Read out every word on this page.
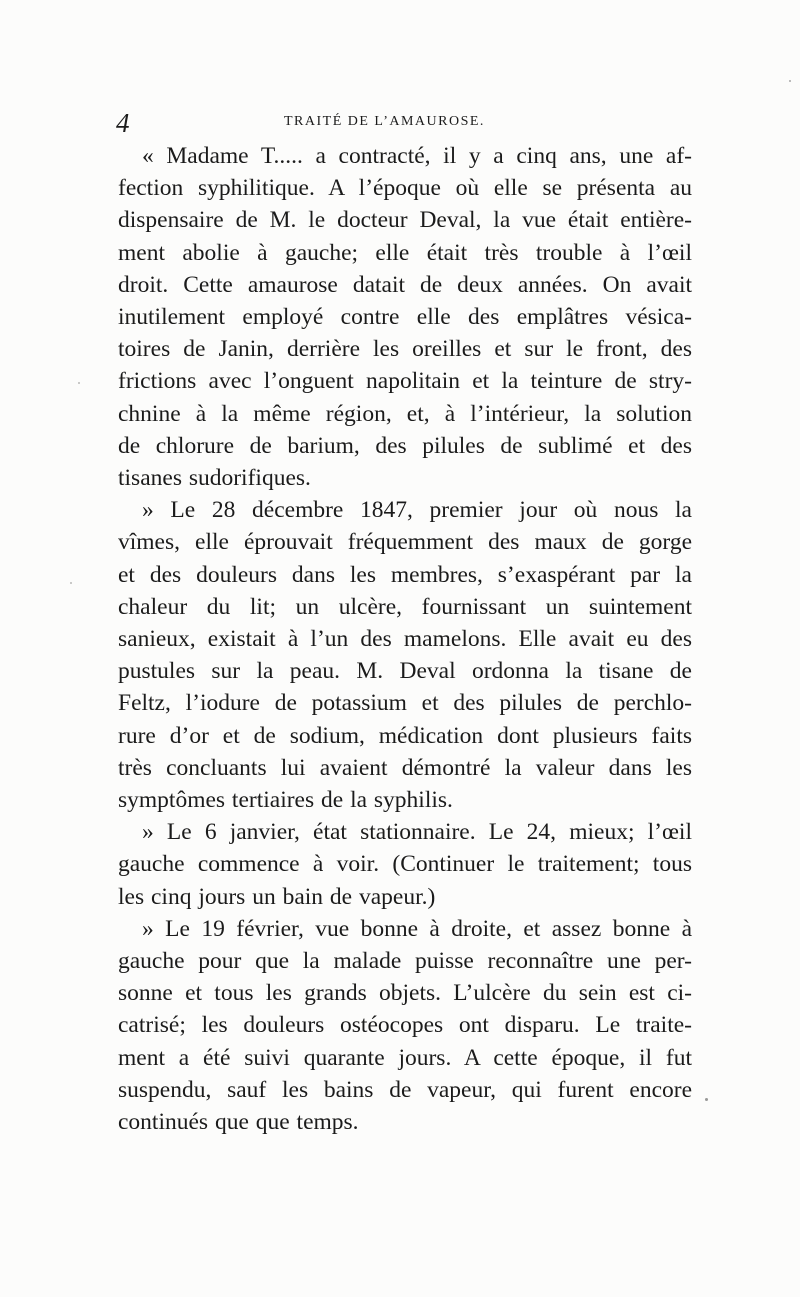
4	TRAITÉ DE L’AMAUROSE.
« Madame T..... a contracté, il y a cinq ans, une af-
fection syphilitique. A l’époque où elle se présenta au
dispensaire de M. le docteur Deval, la vue était entière-
ment abolie à gauche; elle était très trouble à l’œil
droit. Cette amaurose datait de deux années. On avait
inutilement employé contre elle des emplâtres vésica-
toires de Janin, derrière les oreilles et sur le front, des
frictions avec l’onguent napolitain et la teinture de stry-
chnine à la même région, et, à l’intérieur, la solution
de chlorure de barium, des pilules de sublimé et des
tisanes sudorifiques.
» Le 28 décembre 1847, premier jour où nous la
vîmes, elle éprouvait fréquemment des maux de gorge
et des douleurs dans les membres, s’exaspérant par la
chaleur du lit; un ulcère, fournissant un suintement
sanieux, existait à l’un des mamelons. Elle avait eu des
pustules sur la peau. M. Deval ordonna la tisane de
Feltz, l’iodure de potassium et des pilules de perchlo-
rure d’or et de sodium, médication dont plusieurs faits
très concluants lui avaient démontré la valeur dans les
symptômes tertiaires de la syphilis.
» Le 6 janvier, état stationnaire. Le 24, mieux; l’œil
gauche commence à voir. (Continuer le traitement; tous
les cinq jours un bain de vapeur.)
» Le 19 février, vue bonne à droite, et assez bonne à
gauche pour que la malade puisse reconnaître une per-
sonne et tous les grands objets. L’ulcère du sein est ci-
catrisé; les douleurs ostéocopes ont disparu. Le traite-
ment a été suivi quarante jours. A cette époque, il fut
suspendu, sauf les bains de vapeur, qui furent encore
continués que que temps.
